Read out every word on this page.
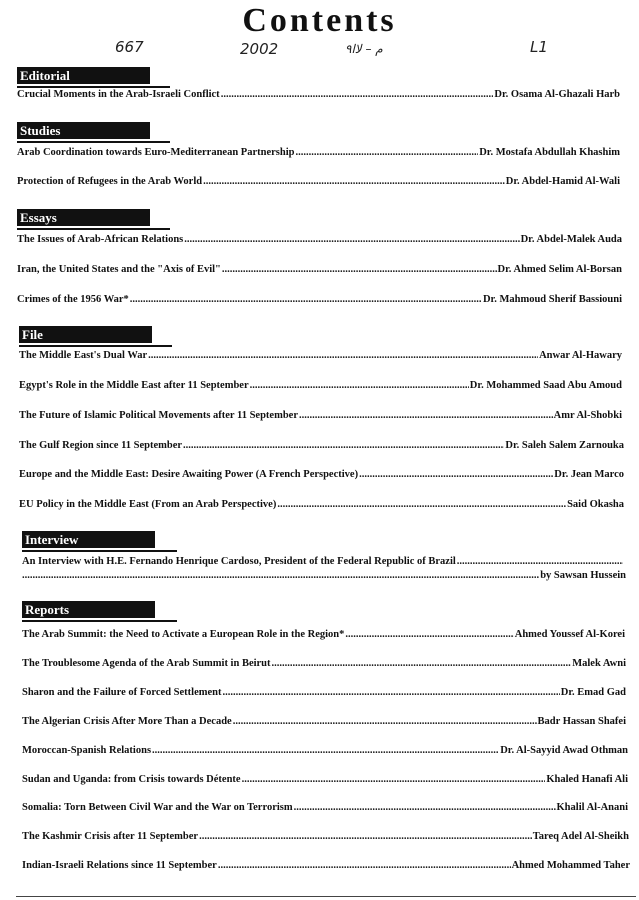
Contents
667	2002	م – لاا٩	L1
Editorial
Crucial Moments in the Arab-Israeli Conflict .....	Dr. Osama Al-Ghazali Harb
Studies
Arab Coordination towards Euro-Mediterranean Partnership .....	Dr. Mostafa Abdullah Khashim
Protection of Refugees in the Arab World .....	Dr. Abdel-Hamid Al-Wali
Essays
The Issues of Arab-African Relations .....	Dr. Abdel-Malek Auda
Iran, the United States and the "Axis of Evil" .....	Dr. Ahmed Selim Al-Borsan
Crimes of the 1956 War* .....	Dr. Mahmoud Sherif Bassiouni
File
The Middle East's Dual War .....	Anwar Al-Hawary
Egypt's Role in the Middle East after 11 September .....	Dr. Mohammed Saad Abu Amoud
The Future of Islamic Political Movements after 11 September .....	Amr Al-Shobki
The Gulf Region since 11 September .....	Dr. Saleh Salem Zarnouka
Europe and the Middle East: Desire Awaiting Power (A French Perspective) .....	Dr. Jean Marco
EU Policy in the Middle East (From an Arab Perspective) .....	Said Okasha
Interview
An Interview with H.E. Fernando Henrique Cardoso, President of the Federal Republic of Brazil
.....
.....
by Sawsan Hussein
Reports
The Arab Summit: the Need to Activate a European Role in the Region* .....	Ahmed Youssef Al-Korei
The Troublesome Agenda of the Arab Summit in Beirut .....	Malek Awni
Sharon and the Failure of Forced Settlement .....	Dr. Emad Gad
The Algerian Crisis After More Than a Decade .....	Badr Hassan Shafei
Moroccan-Spanish Relations .....	Dr. Al-Sayyid Awad Othman
Sudan and Uganda: from Crisis towards Détente .....	Khaled Hanafi Ali
Somalia: Torn Between Civil War and the War on Terrorism .....	Khalil Al-Anani
The Kashmir Crisis after 11 September .....	Tareq Adel Al-Sheikh
Indian-Israeli Relations since 11 September .....	Ahmed Mohammed Taher
